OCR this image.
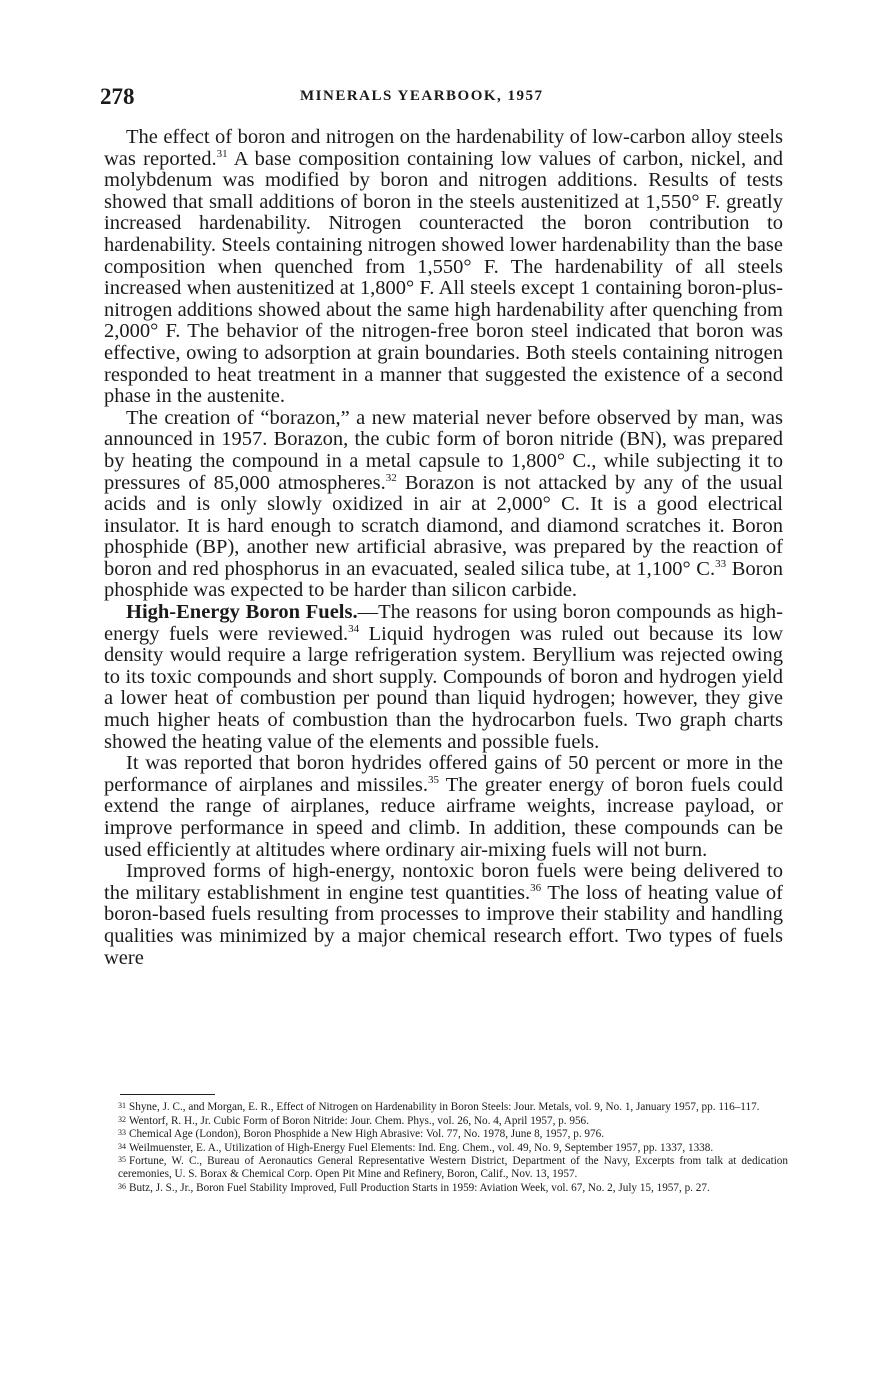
278	MINERALS YEARBOOK, 1957

The effect of boron and nitrogen on the hardenability of low-carbon alloy steels was reported.$^{31}$ A base composition containing low values of carbon, nickel, and molybdenum was modified by boron and nitrogen additions. Results of tests showed that small additions of boron in the steels austenitized at 1,550° F. greatly increased hardenability. Nitrogen counteracted the boron contribution to hardenability. Steels containing nitrogen showed lower hardenability than the base composition when quenched from 1,550° F. The hardenability of all steels increased when austenitized at 1,800° F. All steels except 1 containing boron-plus-nitrogen additions showed about the same high hardenability after quenching from 2,000° F. The behavior of the nitrogen-free boron steel indicated that boron was effective, owing to adsorption at grain boundaries. Both steels containing nitrogen responded to heat treatment in a manner that suggested the existence of a second phase in the austenite.

The creation of “borazon,” a new material never before observed by man, was announced in 1957. Borazon, the cubic form of boron nitride (BN), was prepared by heating the compound in a metal capsule to 1,800° C., while subjecting it to pressures of 85,000 atmospheres.$^{32}$ Borazon is not attacked by any of the usual acids and is only slowly oxidized in air at 2,000° C. It is a good electrical insulator. It is hard enough to scratch diamond, and diamond scratches it. Boron phosphide (BP), another new artificial abrasive, was prepared by the reaction of boron and red phosphorus in an evacuated, sealed silica tube, at 1,100° C.$^{33}$ Boron phosphide was expected to be harder than silicon carbide.

High-Energy Boron Fuels.—The reasons for using boron compounds as high-energy fuels were reviewed.$^{34}$ Liquid hydrogen was ruled out because its low density would require a large refrigeration system. Beryllium was rejected owing to its toxic compounds and short supply. Compounds of boron and hydrogen yield a lower heat of combustion per pound than liquid hydrogen; however, they give much higher heats of combustion than the hydrocarbon fuels. Two graph charts showed the heating value of the elements and possible fuels.

It was reported that boron hydrides offered gains of 50 percent or more in the performance of airplanes and missiles.$^{35}$ The greater energy of boron fuels could extend the range of airplanes, reduce airframe weights, increase payload, or improve performance in speed and climb. In addition, these compounds can be used efficiently at altitudes where ordinary air-mixing fuels will not burn.

Improved forms of high-energy, nontoxic boron fuels were being delivered to the military establishment in engine test quantities.$^{36}$ The loss of heating value of boron-based fuels resulting from processes to improve their stability and handling qualities was minimized by a major chemical research effort. Two types of fuels were

31 Shyne, J. C., and Morgan, E. R., Effect of Nitrogen on Hardenability in Boron Steels: Jour. Metals, vol. 9, No. 1, January 1957, pp. 116–117.

32 Wentorf, R. H., Jr. Cubic Form of Boron Nitride: Jour. Chem. Phys., vol. 26, No. 4, April 1957, p. 956.

33 Chemical Age (London), Boron Phosphide a New High Abrasive: Vol. 77, No. 1978, June 8, 1957, p. 976.

34 Weilmuenster, E. A., Utilization of High-Energy Fuel Elements: Ind. Eng. Chem., vol. 49, No. 9, September 1957, pp. 1337, 1338.

35 Fortune, W. C., Bureau of Aeronautics General Representative Western District, Department of the Navy, Excerpts from talk at dedication ceremonies, U. S. Borax & Chemical Corp. Open Pit Mine and Refinery, Boron, Calif., Nov. 13, 1957.

36 Butz, J. S., Jr., Boron Fuel Stability Improved, Full Production Starts in 1959: Aviation Week, vol. 67, No. 2, July 15, 1957, p. 27.
